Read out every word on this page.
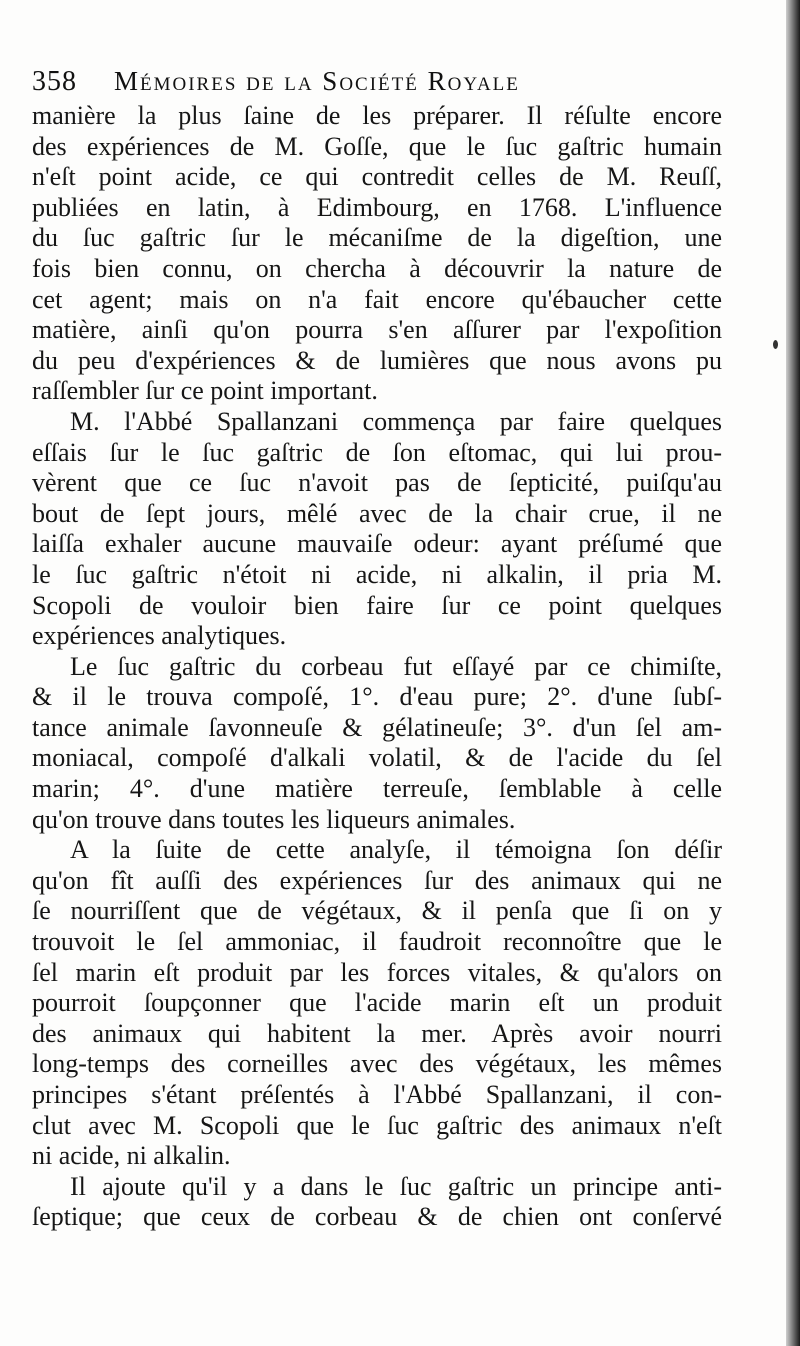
358 Mémoires de la Société Royale
manière la plus ſaine de les préparer. Il réſulte encore
des expériences de M. Goſſe, que le ſuc gaſtric humain
n'eſt point acide, ce qui contredit celles de M. Reuſſ,
publiées en latin, à Edimbourg, en 1768. L'influence
du ſuc gaſtric ſur le mécaniſme de la digeſtion, une
fois bien connu, on chercha à découvrir la nature de
cet agent; mais on n'a fait encore qu'ébaucher cette
matière, ainſi qu'on pourra s'en aſſurer par l'expoſition
du peu d'expériences & de lumières que nous avons pu
raſſembler ſur ce point important.
M. l'Abbé Spallanzani commença par faire quelques
eſſais ſur le ſuc gaſtric de ſon eſtomac, qui lui prou-
vèrent que ce ſuc n'avoit pas de ſepticité, puiſqu'au
bout de ſept jours, mêlé avec de la chair crue, il ne
laiſſa exhaler aucune mauvaiſe odeur: ayant préſumé que
le ſuc gaſtric n'étoit ni acide, ni alkalin, il pria M.
Scopoli de vouloir bien faire ſur ce point quelques
expériences analytiques.
Le ſuc gaſtric du corbeau fut eſſayé par ce chimiſte,
& il le trouva compoſé, 1°. d'eau pure; 2°. d'une ſubſ-
tance animale ſavonneuſe & gélatineuſe; 3°. d'un ſel am-
moniacal, compoſé d'alkali volatil, & de l'acide du ſel
marin; 4°. d'une matière terreuſe, ſemblable à celle
qu'on trouve dans toutes les liqueurs animales.
A la ſuite de cette analyſe, il témoigna ſon déſir
qu'on fît auſſi des expériences ſur des animaux qui ne
ſe nourriſſent que de végétaux, & il penſa que ſi on y
trouvoit le ſel ammoniac, il faudroit reconnoître que le
ſel marin eſt produit par les forces vitales, & qu'alors on
pourroit ſoupçonner que l'acide marin eſt un produit
des animaux qui habitent la mer. Après avoir nourri
long-temps des corneilles avec des végétaux, les mêmes
principes s'étant préſentés à l'Abbé Spallanzani, il con-
clut avec M. Scopoli que le ſuc gaſtric des animaux n'eſt
ni acide, ni alkalin.
Il ajoute qu'il y a dans le ſuc gaſtric un principe anti-
ſeptique; que ceux de corbeau & de chien ont conſervé
